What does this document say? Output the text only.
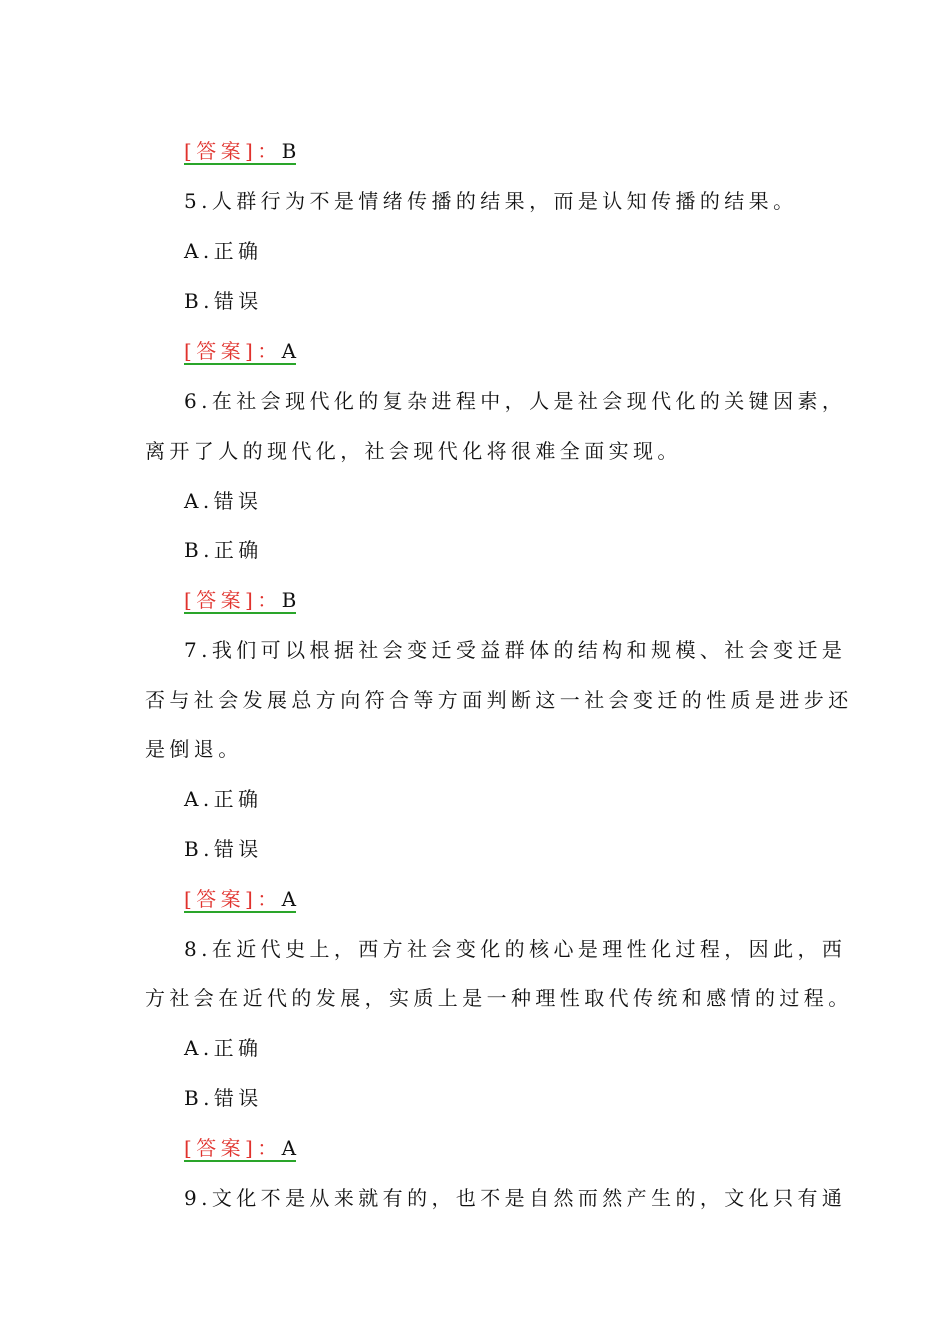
[答案]：B
5.人群行为不是情绪传播的结果，而是认知传播的结果。
A.正确
B.错误
[答案]：A
6.在社会现代化的复杂进程中，人是社会现代化的关键因素，
离开了人的现代化，社会现代化将很难全面实现。
A.错误
B.正确
[答案]：B
7.我们可以根据社会变迁受益群体的结构和规模、社会变迁是
否与社会发展总方向符合等方面判断这一社会变迁的性质是进步还
是倒退。
A.正确
B.错误
[答案]：A
8.在近代史上，西方社会变化的核心是理性化过程，因此，西
方社会在近代的发展，实质上是一种理性取代传统和感情的过程。
A.正确
B.错误
[答案]：A
9.文化不是从来就有的，也不是自然而然产生的，文化只有通
